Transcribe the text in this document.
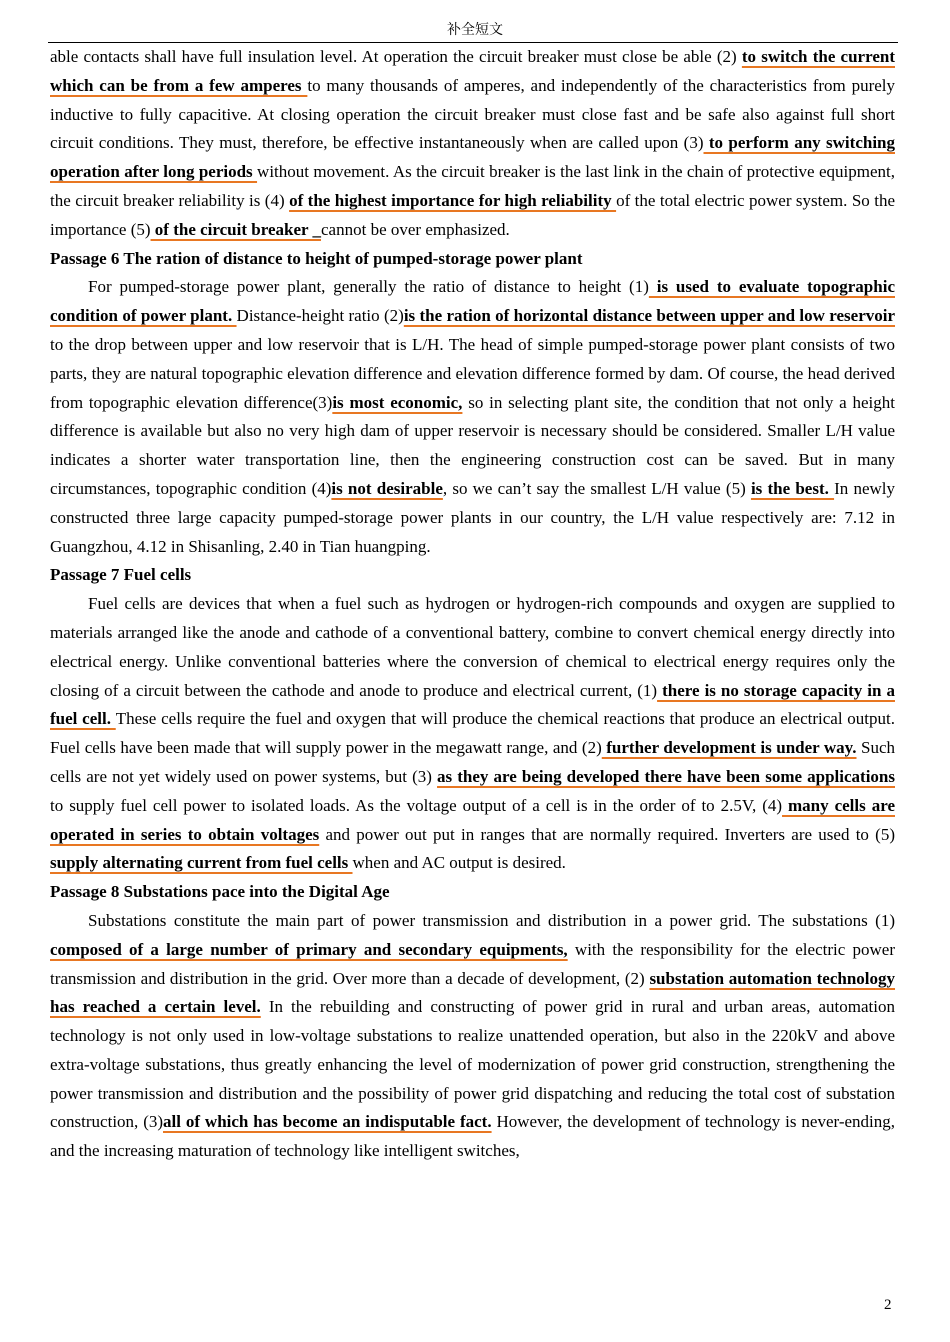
补全短文

able contacts shall have full insulation level. At operation the circuit breaker must close be able (2) to switch the current which can be from a few amperes to many thousands of amperes, and independently of the characteristics from purely inductive to fully capacitive. At closing operation the circuit breaker must close fast and be safe also against full short circuit conditions. They must, therefore, be effective instantaneously when are called upon (3) to perform any switching operation after long periods without movement. As the circuit breaker is the last link in the chain of protective equipment, the circuit breaker reliability is (4) of the highest importance for high reliability of the total electric power system. So the importance (5) of the circuit breaker _cannot be over emphasized.

Passage 6 The ration of distance to height of pumped-storage power plant

For pumped-storage power plant, generally the ratio of distance to height (1) is used to evaluate topographic condition of power plant. Distance-height ratio (2)is the ration of horizontal distance between upper and low reservoir to the drop between upper and low reservoir that is L/H. The head of simple pumped-storage power plant consists of two parts, they are natural topographic elevation difference and elevation difference formed by dam. Of course, the head derived from topographic elevation difference(3)is most economic, so in selecting plant site, the condition that not only a height difference is available but also no very high dam of upper reservoir is necessary should be considered. Smaller L/H value indicates a shorter water transportation line, then the engineering construction cost can be saved. But in many circumstances, topographic condition (4)is not desirable, so we can’t say the smallest L/H value (5) is the best. In newly constructed three large capacity pumped-storage power plants in our country, the L/H value respectively are: 7.12 in Guangzhou, 4.12 in Shisanling, 2.40 in Tian huangping.

Passage 7 Fuel cells

Fuel cells are devices that when a fuel such as hydrogen or hydrogen-rich compounds and oxygen are supplied to materials arranged like the anode and cathode of a conventional battery, combine to convert chemical energy directly into electrical energy. Unlike conventional batteries where the conversion of chemical to electrical energy requires only the closing of a circuit between the cathode and anode to produce and electrical current, (1) there is no storage capacity in a fuel cell. These cells require the fuel and oxygen that will produce the chemical reactions that produce an electrical output. Fuel cells have been made that will supply power in the megawatt range, and (2) further development is under way. Such cells are not yet widely used on power systems, but (3) as they are being developed there have been some applications to supply fuel cell power to isolated loads. As the voltage output of a cell is in the order of to 2.5V, (4) many cells are operated in series to obtain voltages and power out put in ranges that are normally required. Inverters are used to (5) supply alternating current from fuel cells when and AC output is desired.

Passage 8 Substations pace into the Digital Age

Substations constitute the main part of power transmission and distribution in a power grid. The substations (1) composed of a large number of primary and secondary equipments, with the responsibility for the electric power transmission and distribution in the grid. Over more than a decade of development, (2) substation automation technology has reached a certain level. In the rebuilding and constructing of power grid in rural and urban areas, automation technology is not only used in low-voltage substations to realize unattended operation, but also in the 220kV and above extra-voltage substations, thus greatly enhancing the level of modernization of power grid construction, strengthening the power transmission and distribution and the possibility of power grid dispatching and reducing the total cost of substation construction, (3)all of which has become an indisputable fact. However, the development of technology is never-ending, and the increasing maturation of technology like intelligent switches,

2
